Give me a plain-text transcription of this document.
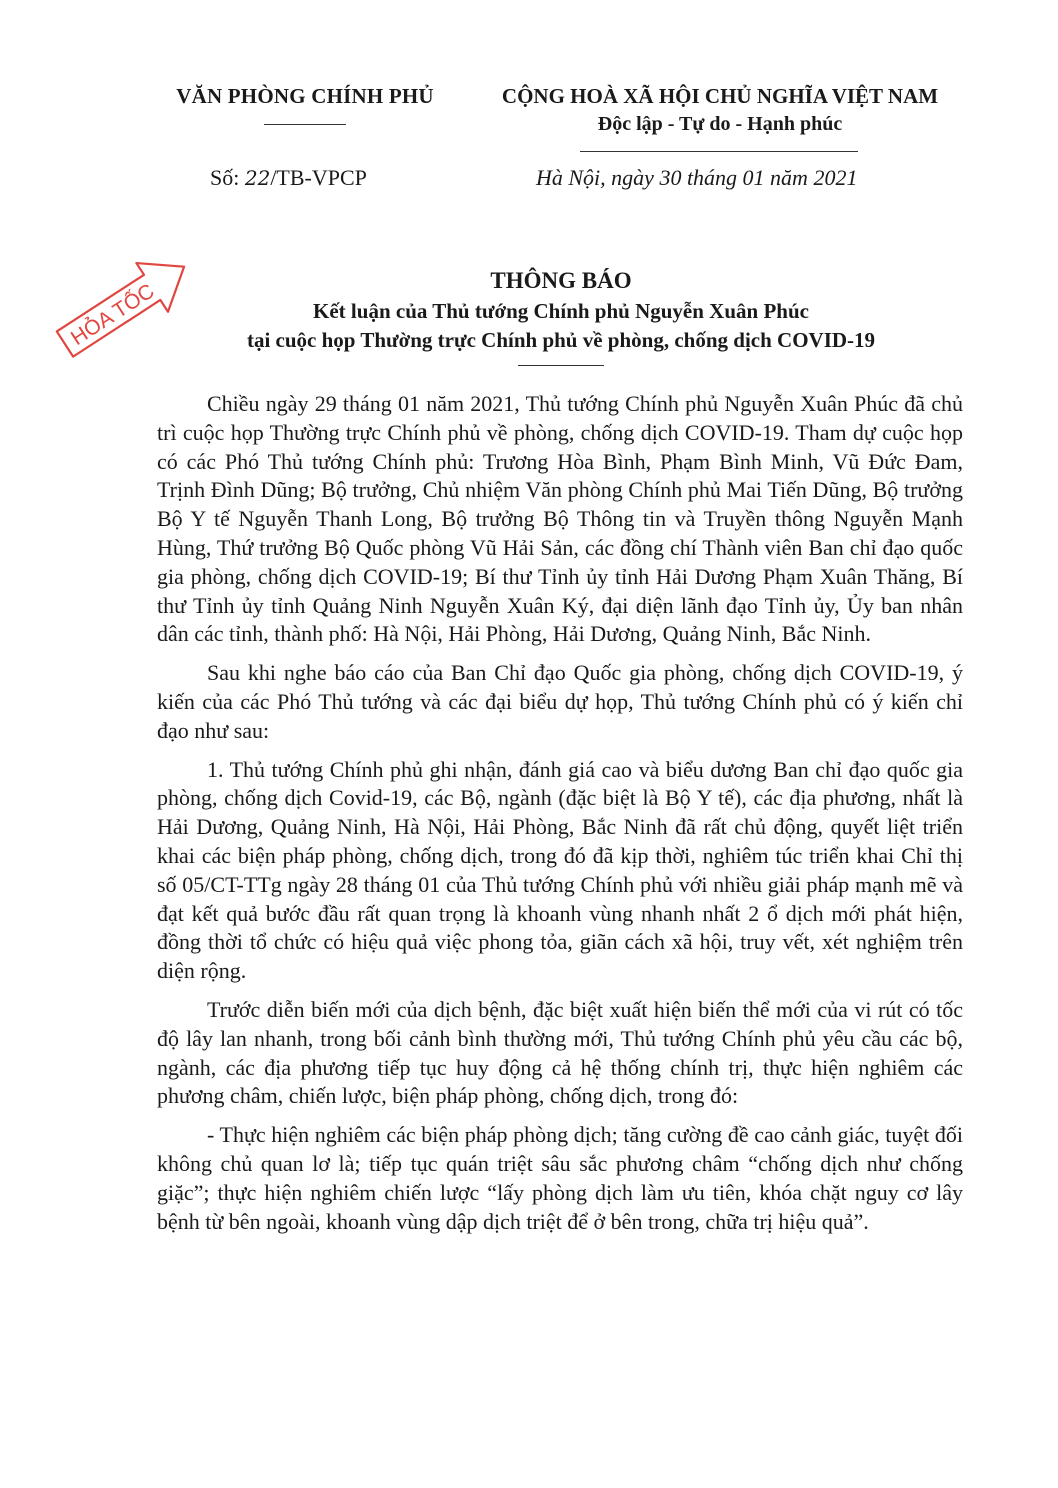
VĂN PHÒNG CHÍNH PHỦ	CỘNG HOÀ XÃ HỘI CHỦ NGHĨA VIỆT NAM
Độc lập - Tự do - Hạnh phúc
Số: 22/TB-VPCP	Hà Nội, ngày 30 tháng 01 năm 2021
HỎA TỐC	THÔNG BÁO
Kết luận của Thủ tướng Chính phủ Nguyễn Xuân Phúc
tại cuộc họp Thường trực Chính phủ về phòng, chống dịch COVID-19

Chiều ngày 29 tháng 01 năm 2021, Thủ tướng Chính phủ Nguyễn Xuân Phúc đã chủ trì cuộc họp Thường trực Chính phủ về phòng, chống dịch COVID-19. Tham dự cuộc họp có các Phó Thủ tướng Chính phủ: Trương Hòa Bình, Phạm Bình Minh, Vũ Đức Đam, Trịnh Đình Dũng; Bộ trưởng, Chủ nhiệm Văn phòng Chính phủ Mai Tiến Dũng, Bộ trưởng Bộ Y tế Nguyễn Thanh Long, Bộ trưởng Bộ Thông tin và Truyền thông Nguyễn Mạnh Hùng, Thứ trưởng Bộ Quốc phòng Vũ Hải Sản, các đồng chí Thành viên Ban chỉ đạo quốc gia phòng, chống dịch COVID-19; Bí thư Tỉnh ủy tỉnh Hải Dương Phạm Xuân Thăng, Bí thư Tỉnh ủy tỉnh Quảng Ninh Nguyễn Xuân Ký, đại diện lãnh đạo Tỉnh ủy, Ủy ban nhân dân các tỉnh, thành phố: Hà Nội, Hải Phòng, Hải Dương, Quảng Ninh, Bắc Ninh.

Sau khi nghe báo cáo của Ban Chỉ đạo Quốc gia phòng, chống dịch COVID-19, ý kiến của các Phó Thủ tướng và các đại biểu dự họp, Thủ tướng Chính phủ có ý kiến chỉ đạo như sau:

1. Thủ tướng Chính phủ ghi nhận, đánh giá cao và biểu dương Ban chỉ đạo quốc gia phòng, chống dịch Covid-19, các Bộ, ngành (đặc biệt là Bộ Y tế), các địa phương, nhất là Hải Dương, Quảng Ninh, Hà Nội, Hải Phòng, Bắc Ninh đã rất chủ động, quyết liệt triển khai các biện pháp phòng, chống dịch, trong đó đã kịp thời, nghiêm túc triển khai Chỉ thị số 05/CT-TTg ngày 28 tháng 01 của Thủ tướng Chính phủ với nhiều giải pháp mạnh mẽ và đạt kết quả bước đầu rất quan trọng là khoanh vùng nhanh nhất 2 ổ dịch mới phát hiện, đồng thời tổ chức có hiệu quả việc phong tỏa, giãn cách xã hội, truy vết, xét nghiệm trên diện rộng.

Trước diễn biến mới của dịch bệnh, đặc biệt xuất hiện biến thể mới của vi rút có tốc độ lây lan nhanh, trong bối cảnh bình thường mới, Thủ tướng Chính phủ yêu cầu các bộ, ngành, các địa phương tiếp tục huy động cả hệ thống chính trị, thực hiện nghiêm các phương châm, chiến lược, biện pháp phòng, chống dịch, trong đó:

- Thực hiện nghiêm các biện pháp phòng dịch; tăng cường đề cao cảnh giác, tuyệt đối không chủ quan lơ là; tiếp tục quán triệt sâu sắc phương châm “chống dịch như chống giặc”; thực hiện nghiêm chiến lược “lấy phòng dịch làm ưu tiên, khóa chặt nguy cơ lây bệnh từ bên ngoài, khoanh vùng dập dịch triệt để ở bên trong, chữa trị hiệu quả”.
